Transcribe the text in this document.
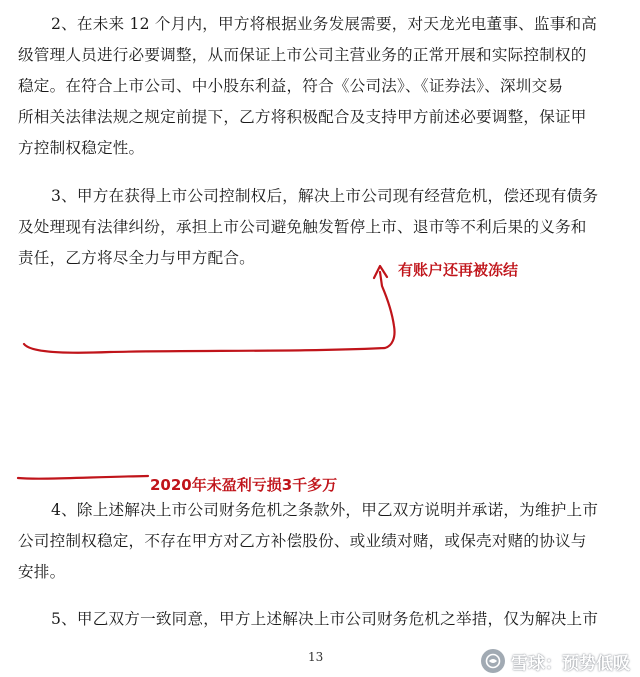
2、在未来 12 个月内，甲方将根据业务发展需要，对天龙光电董事、监事和高
级管理人员进行必要调整，从而保证上市公司主营业务的正常开展和实际控制权的
稳定。在符合上市公司、中小股东利益，符合《公司法》、《证券法》、深圳交易
所相关法律法规之规定前提下，乙方将积极配合及支持甲方前述必要调整，保证甲
方控制权稳定性。
3、甲方在获得上市公司控制权后，解决上市公司现有经营危机，偿还现有债务
及处理现有法律纠纷，承担上市公司避免触发暂停上市、退市等不利后果的义务和
责任，乙方将尽全力与甲方配合。
有账户还再被冻结
2020年未盈利亏损3千多万
4、除上述解决上市公司财务危机之条款外，甲乙双方说明并承诺，为维护上市
公司控制权稳定，不存在甲方对乙方补偿股份、或业绩对赌，或保壳对赌的协议与
安排。
5、甲乙双方一致同意，甲方上述解决上市公司财务危机之举措，仅为解决上市
13	雪球：预势低吸
